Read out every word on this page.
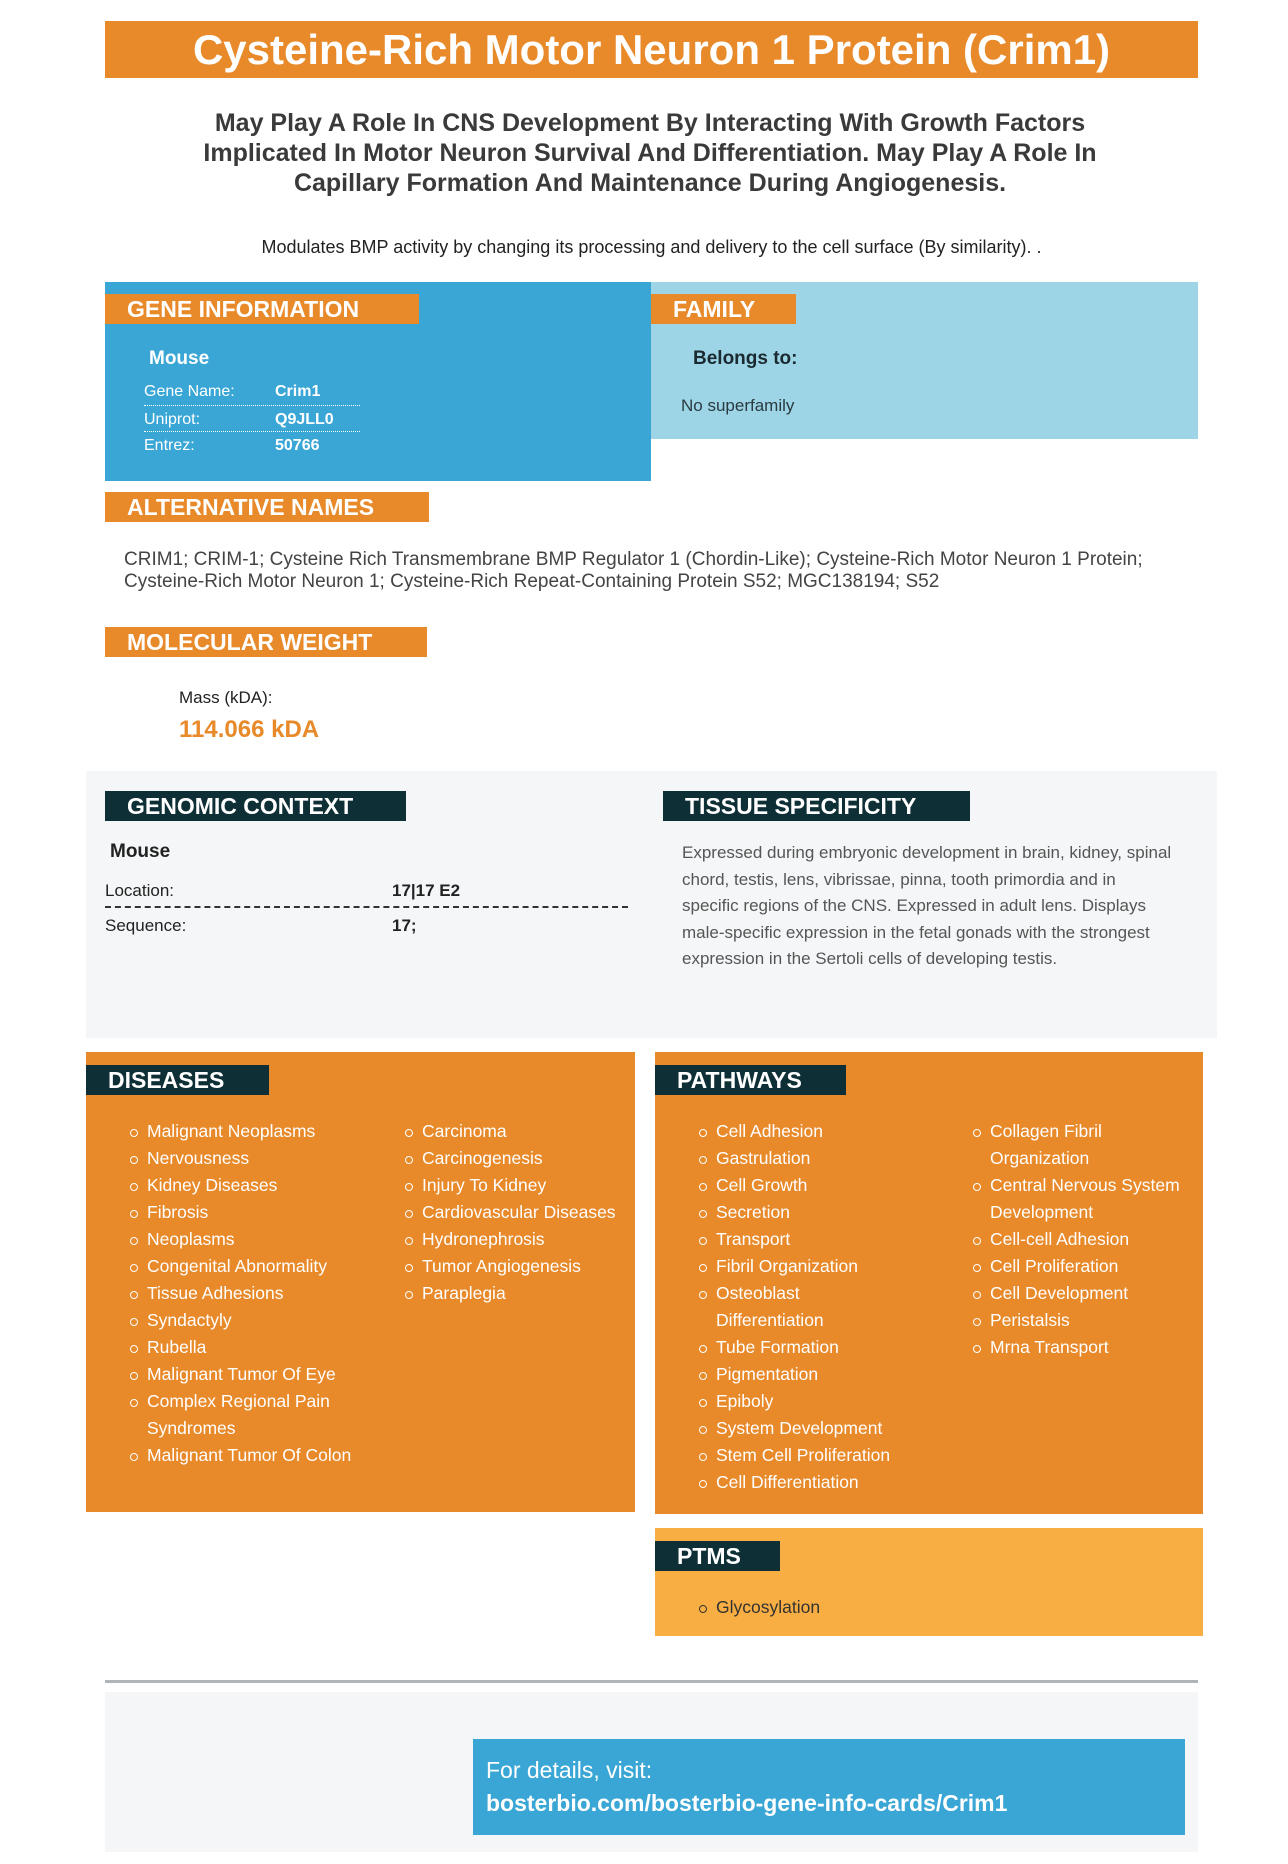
Cysteine-Rich Motor Neuron 1 Protein (Crim1)
May Play A Role In CNS Development By Interacting With Growth Factors Implicated In Motor Neuron Survival And Differentiation. May Play A Role In Capillary Formation And Maintenance During Angiogenesis.
Modulates BMP activity by changing its processing and delivery to the cell surface (By similarity). .
GENE INFORMATION
Mouse
Gene Name:	Crim1
Uniprot:	Q9JLL0
Entrez:	50766
FAMILY
Belongs to:
No superfamily
ALTERNATIVE NAMES
CRIM1; CRIM-1; Cysteine Rich Transmembrane BMP Regulator 1 (Chordin-Like); Cysteine-Rich Motor Neuron 1 Protein; Cysteine-Rich Motor Neuron 1; Cysteine-Rich Repeat-Containing Protein S52; MGC138194; S52
MOLECULAR WEIGHT
Mass (kDA):
114.066 kDA
GENOMIC CONTEXT
Mouse
Location:	17|17 E2
Sequence:	17;
TISSUE SPECIFICITY
Expressed during embryonic development in brain, kidney, spinal chord, testis, lens, vibrissae, pinna, tooth primordia and in specific regions of the CNS. Expressed in adult lens. Displays male-specific expression in the fetal gonads with the strongest expression in the Sertoli cells of developing testis.
DISEASES
Malignant Neoplasms
Nervousness
Kidney Diseases
Fibrosis
Neoplasms
Congenital Abnormality
Tissue Adhesions
Syndactyly
Rubella
Malignant Tumor Of Eye
Complex Regional Pain Syndromes
Malignant Tumor Of Colon
Carcinoma
Carcinogenesis
Injury To Kidney
Cardiovascular Diseases
Hydronephrosis
Tumor Angiogenesis
Paraplegia
PATHWAYS
Cell Adhesion
Gastrulation
Cell Growth
Secretion
Transport
Fibril Organization
Osteoblast Differentiation
Tube Formation
Pigmentation
Epiboly
System Development
Stem Cell Proliferation
Cell Differentiation
Collagen Fibril Organization
Central Nervous System Development
Cell-cell Adhesion
Cell Proliferation
Cell Development
Peristalsis
Mrna Transport
PTMS
Glycosylation
For details, visit:
bosterbio.com/bosterbio-gene-info-cards/Crim1
